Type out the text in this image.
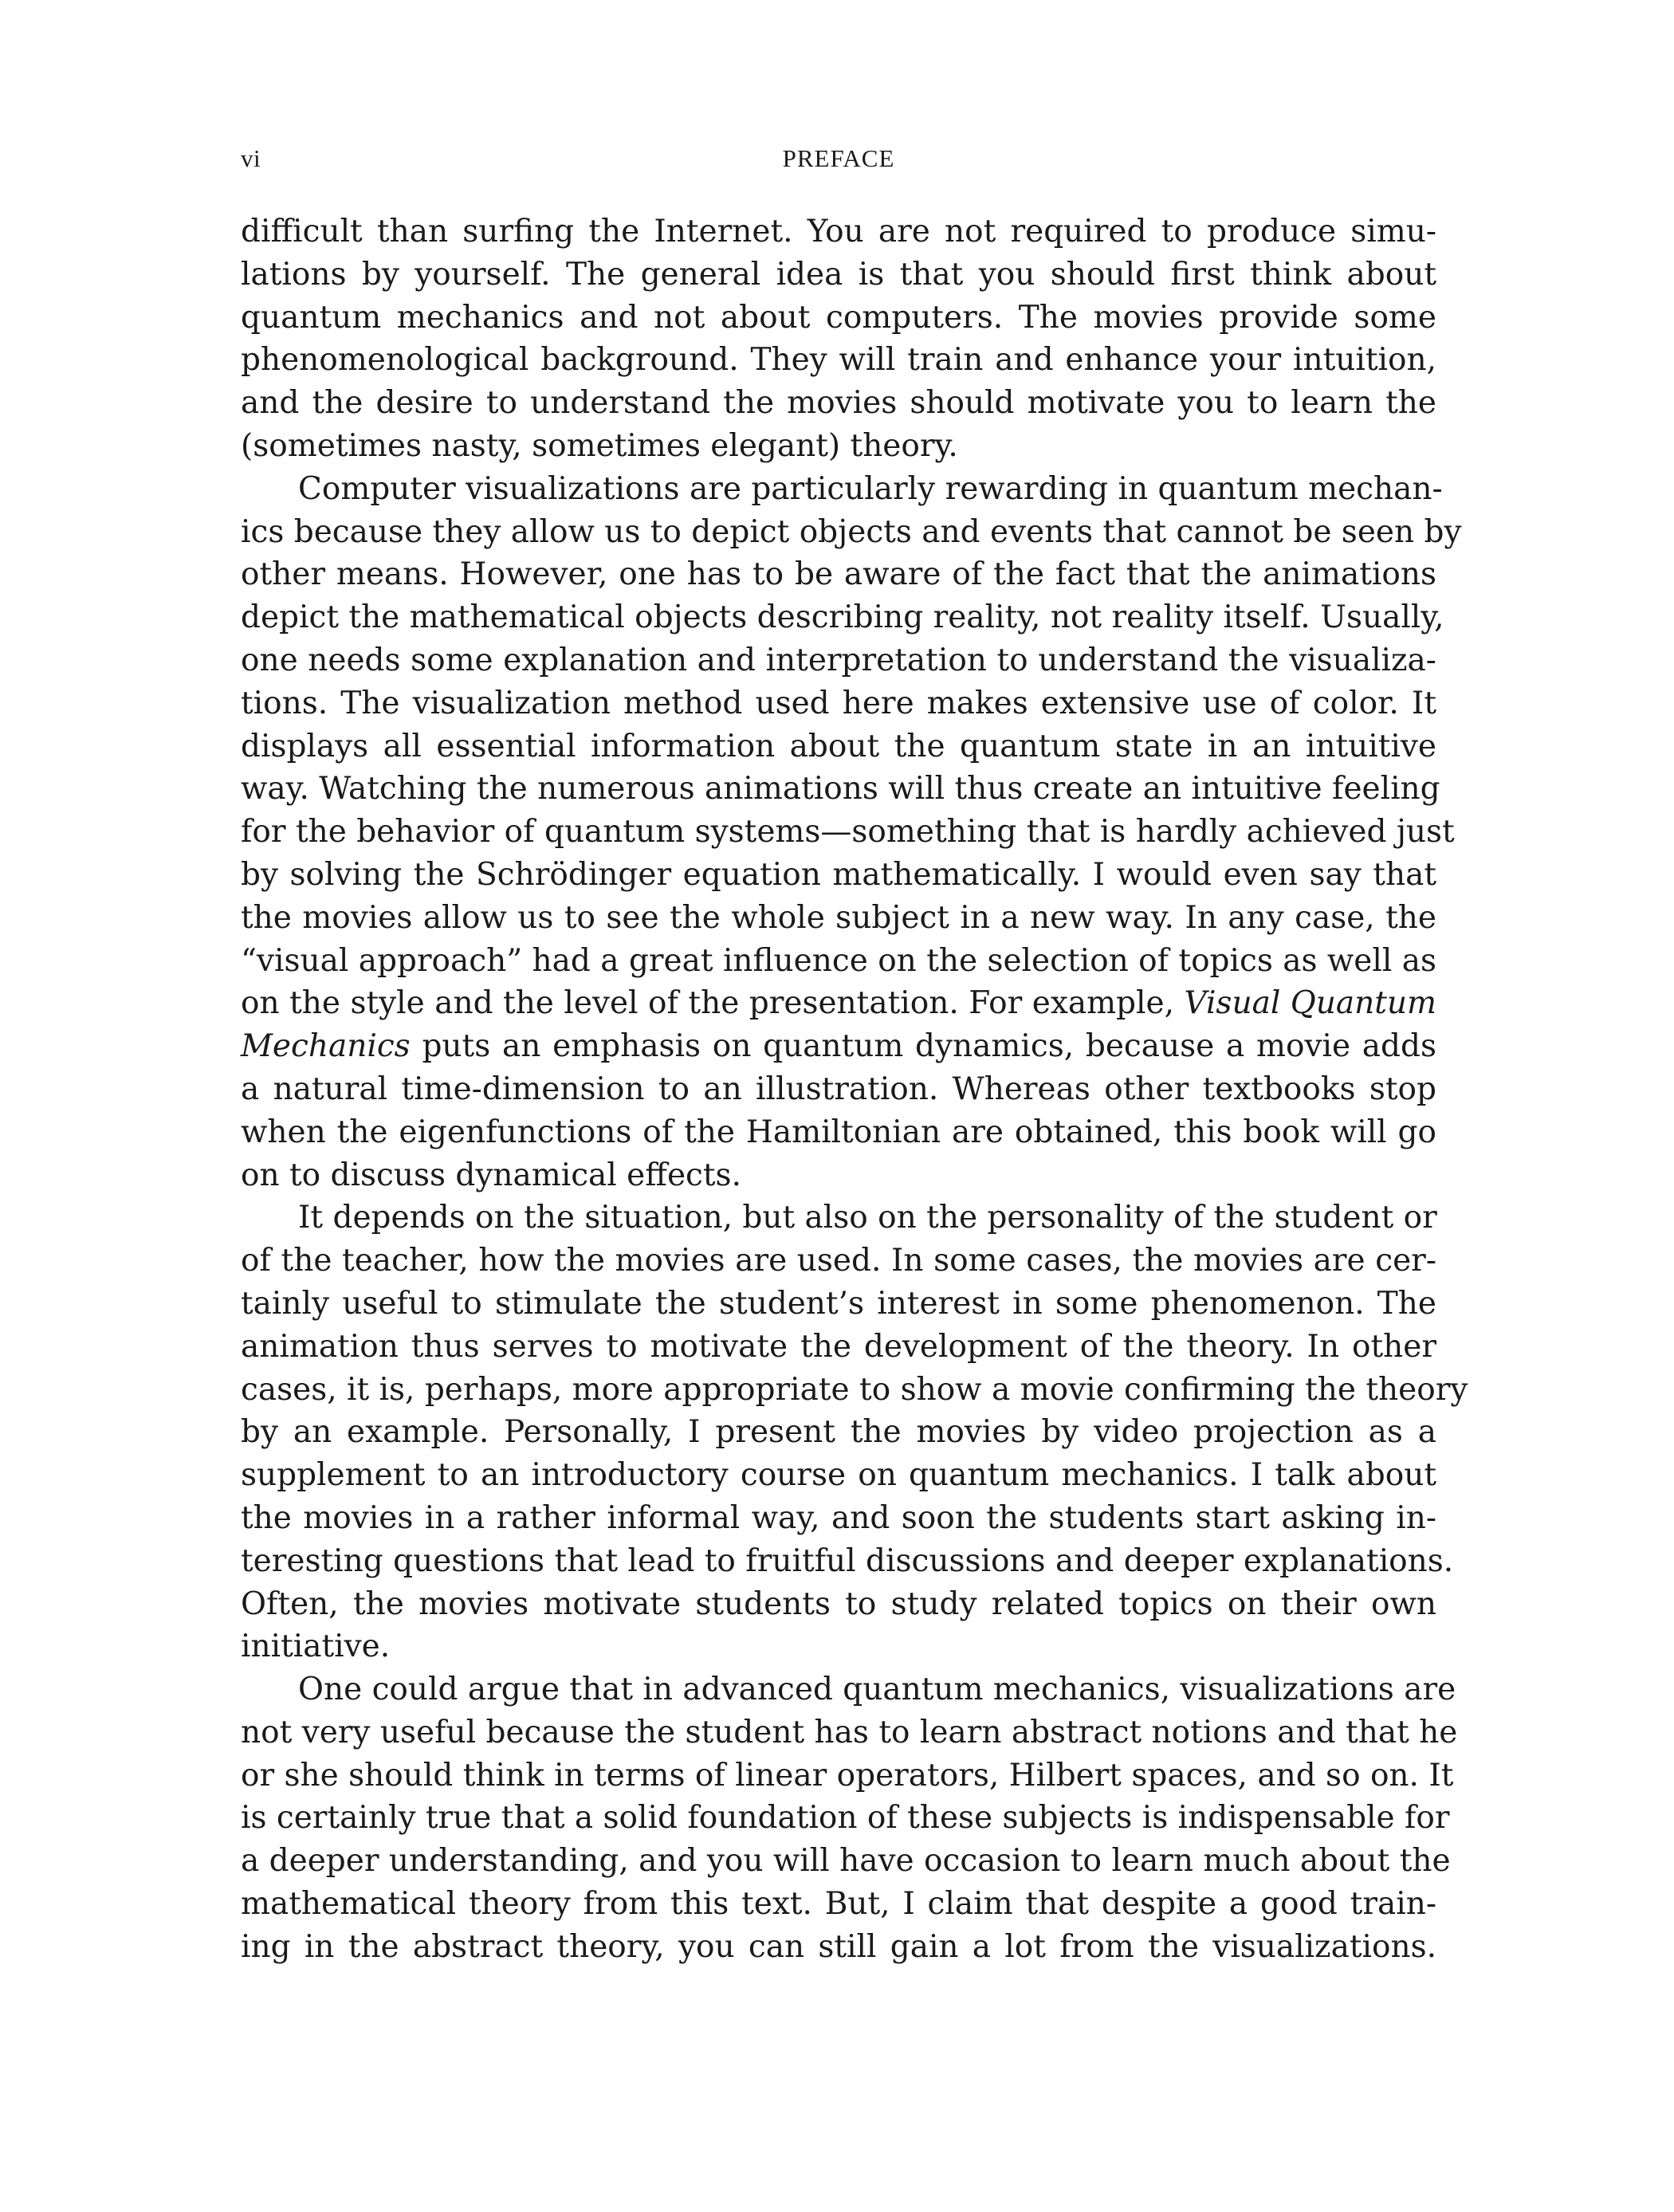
vi	PREFACE
difficult than surfing the Internet. You are not required to produce simu-
lations by yourself. The general idea is that you should first think about
quantum mechanics and not about computers. The movies provide some
phenomenological background. They will train and enhance your intuition,
and the desire to understand the movies should motivate you to learn the
(sometimes nasty, sometimes elegant) theory.
Computer visualizations are particularly rewarding in quantum mechan-
ics because they allow us to depict objects and events that cannot be seen by
other means. However, one has to be aware of the fact that the animations
depict the mathematical objects describing reality, not reality itself. Usually,
one needs some explanation and interpretation to understand the visualiza-
tions. The visualization method used here makes extensive use of color. It
displays all essential information about the quantum state in an intuitive
way. Watching the numerous animations will thus create an intuitive feeling
for the behavior of quantum systems—something that is hardly achieved just
by solving the Schrödinger equation mathematically. I would even say that
the movies allow us to see the whole subject in a new way. In any case, the
“visual approach” had a great influence on the selection of topics as well as
on the style and the level of the presentation. For example, Visual Quantum
Mechanics puts an emphasis on quantum dynamics, because a movie adds
a natural time-dimension to an illustration. Whereas other textbooks stop
when the eigenfunctions of the Hamiltonian are obtained, this book will go
on to discuss dynamical effects.
It depends on the situation, but also on the personality of the student or
of the teacher, how the movies are used. In some cases, the movies are cer-
tainly useful to stimulate the student’s interest in some phenomenon. The
animation thus serves to motivate the development of the theory. In other
cases, it is, perhaps, more appropriate to show a movie confirming the theory
by an example. Personally, I present the movies by video projection as a
supplement to an introductory course on quantum mechanics. I talk about
the movies in a rather informal way, and soon the students start asking in-
teresting questions that lead to fruitful discussions and deeper explanations.
Often, the movies motivate students to study related topics on their own
initiative.
One could argue that in advanced quantum mechanics, visualizations are
not very useful because the student has to learn abstract notions and that he
or she should think in terms of linear operators, Hilbert spaces, and so on. It
is certainly true that a solid foundation of these subjects is indispensable for
a deeper understanding, and you will have occasion to learn much about the
mathematical theory from this text. But, I claim that despite a good train-
ing in the abstract theory, you can still gain a lot from the visualizations.
